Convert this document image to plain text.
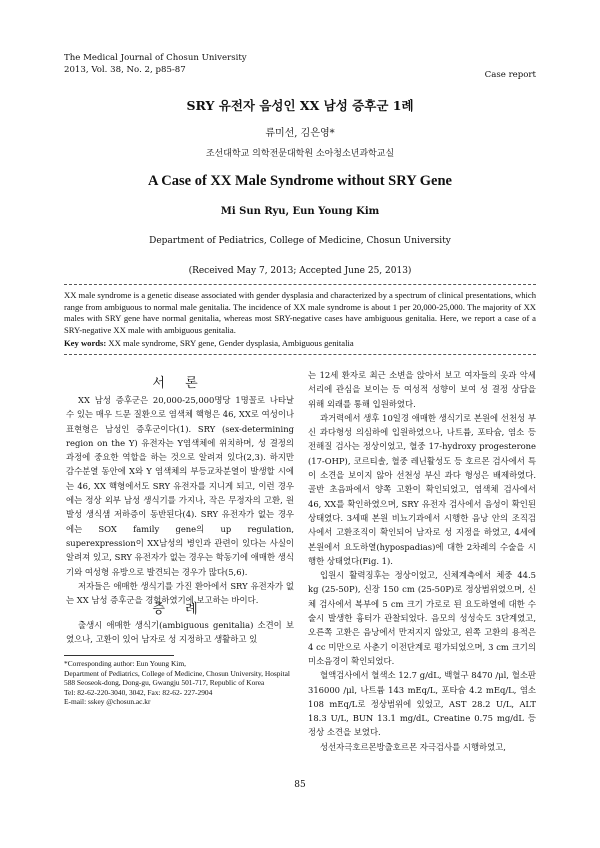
The Medical Journal of Chosun University
2013, Vol. 38, No. 2, p85-87
Case report
SRY 유전자 음성인 XX 남성 증후군 1례
류미선, 김은영*
조선대학교 의학전문대학원 소아청소년과학교실
A Case of XX Male Syndrome without SRY Gene
Mi Sun Ryu, Eun Young Kim
Department of Pediatrics, College of Medicine, Chosun University
(Received May 7, 2013; Accepted June 25, 2013)
XX male syndrome is a genetic disease associated with gender dysplasia and characterized by a spectrum of clinical presentations, which range from ambiguous to normal male genitalia. The incidence of XX male syndrome is about 1 per 20,000-25,000. The majority of XX males with SRY gene have normal genitalia, whereas most SRY-negative cases have ambiguous genitalia. Here, we report a case of a SRY-negative XX male with ambiguous genitalia.
Key words: XX male syndrome, SRY gene, Gender dysplasia, Ambiguous genitalia
서 론

XX 남성 증후군은 20,000-25,000명당 1명꼴로 나타날 수 있는 매우 드문 질환으로 염색체 핵형은 46, XX로 여성이나 표현형은 남성인 증후군이다(1). SRY (sex-determining region on the Y) 유전자는 Y염색체에 위치하며, 성 결정의 과정에 중요한 역할을 하는 것으로 알려져 있다(2,3). 하지만 감수분열 동안에 X와 Y 염색체의 부등교차분열이 발생할 시에는 46, XX 핵형에서도 SRY 유전자를 지니게 되고, 이런 경우에는 정상 외부 남성 생식기를 가지나, 작은 무정자의 고환, 원발성 생식샘 저하증이 동반된다(4). SRY 유전자가 없는 경우에는 SOX family gene의 up regulation, superexpression이 XX남성의 병인과 관련이 있다는 사실이 알려져 있고, SRY 유전자가 없는 경우는 학동기에 애매한 생식기와 여성형 유방으로 발견되는 경우가 많다(5,6).

저자들은 애매한 생식기를 가진 환아에서 SRY 유전자가 없는 XX 남성 증후군을 경험하였기에 보고하는 바이다.

증 례

출생시 애매한 생식기(ambiguous genitalia) 소견이 보였으나, 고환이 있어 남자로 성 지정하고 생활하고 있

*Corresponding author: Eun Young Kim,
Department of Pediatrics, College of Medicine, Chosun University, Hospital 588 Seoseok-dong, Dong-gu, Gwangju 501-717, Republic of Korea
Tel: 82-62-220-3040, 3042, Fax: 82-62- 227-2904
E-mail: sskey @chosun.ac.kr

는 12세 환자로 최근 소변을 앉아서 보고 여자들의 옷과 악세서리에 관심을 보이는 등 여성적 성향이 보여 성 결정 상담을 위해 외래를 통해 입원하였다.

과거력에서 생후 10일경 애매한 생식기로 본원에 선천성 부신 과다형성 의심하에 입원하였으나, 나트륨, 포타슘, 염소 등 전해질 검사는 정상이었고, 혈중 17-hydroxy progesterone (17-OHP), 코르티솔, 혈중 레닌활성도 등 호르몬 검사에서 특이 소견을 보이지 않아 선천성 부신 과다 형성은 배제하였다. 골반 초음파에서 양쪽 고환이 확인되었고, 염색체 검사에서 46, XX를 확인하였으며, SRY 유전자 검사에서 음성이 확인된 상태였다. 3세때 본원 비뇨기과에서 시행한 음낭 안의 조직검사에서 고환조직이 확인되어 남자로 성 지정을 하였고, 4세에 본원에서 요도하열(hypospadias)에 대한 2차례의 수술을 시행한 상태였다(Fig. 1).

입원시 활력징후는 정상이었고, 신체계측에서 체중 44.5 kg (25-50P), 신장 150 cm (25-50P)로 정상범위였으며, 신체 검사에서 복부에 5 cm 크기 가로로 된 요도하열에 대한 수술시 발생한 흉터가 관찰되었다. 음모의 성성숙도 3단계였고, 오른쪽 고환은 음낭에서 만져지지 않았고, 왼쪽 고환의 용적은 4 cc 미만으로 사춘기 이전단계로 평가되었으며, 3 cm 크기의 미소음경이 확인되었다.

혈액검사에서 혈색소 12.7 g/dL, 백혈구 8470 /μl, 혈소판 316000 /μl, 나트륨 143 mEq/L, 포타슘 4.2 mEq/L, 염소 108 mEq/L로 정상범위에 있었고, AST 28.2 U/L, ALT 18.3 U/L, BUN 13.1 mg/dL, Creatine 0.75 mg/dL 등 정상 소견을 보였다.

성선자극호르몬방출호르몬 자극검사를 시행하였고,

85
